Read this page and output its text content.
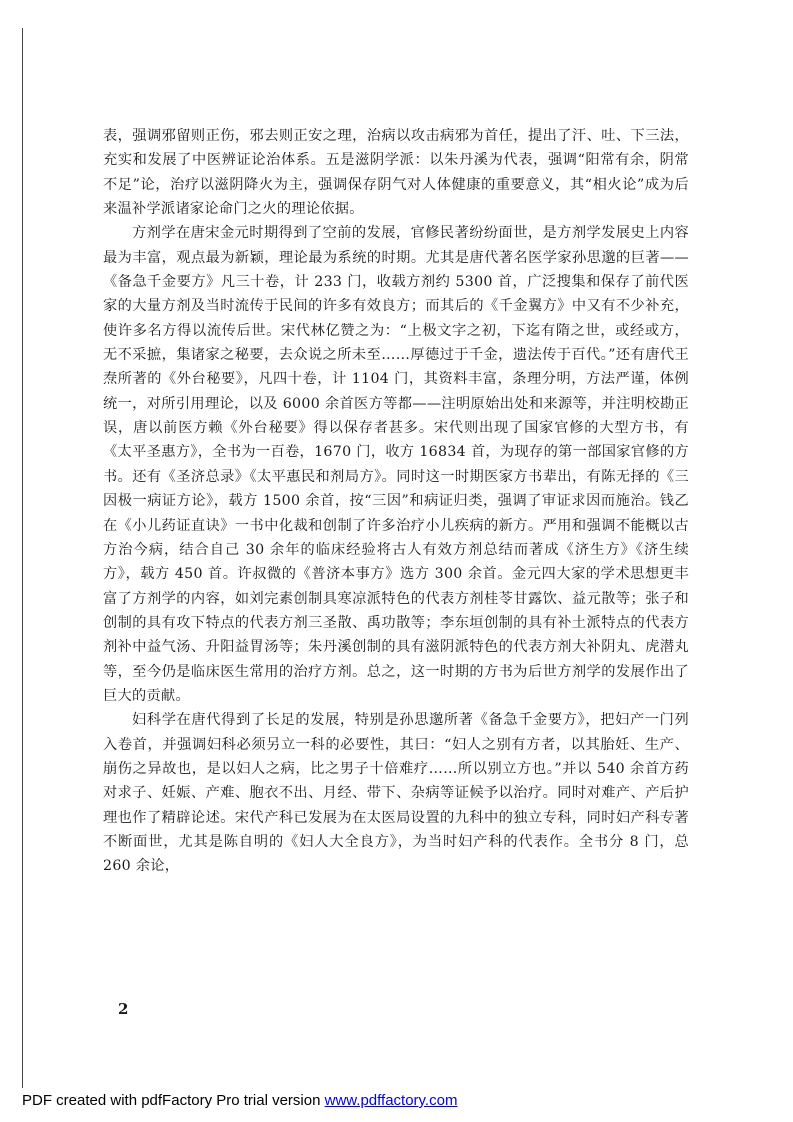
表，强调邪留则正伤，邪去则正安之理，治病以攻击病邪为首任，提出了汗、吐、下三法，充实和发展了中医辨证论治体系。五是滋阴学派：以朱丹溪为代表，强调“阳常有余，阴常不足”论，治疗以滋阴降火为主，强调保存阴气对人体健康的重要意义，其“相火论”成为后来温补学派诸家论命门之火的理论依据。

方剂学在唐宋金元时期得到了空前的发展，官修民著纷纷面世，是方剂学发展史上内容最为丰富，观点最为新颖，理论最为系统的时期。尤其是唐代著名医学家孙思邈的巨著——《备急千金要方》凡三十卷，计 233 门，收载方剂约 5300 首，广泛搜集和保存了前代医家的大量方剂及当时流传于民间的许多有效良方；而其后的《千金翼方》中又有不少补充，使许多名方得以流传后世。宋代林亿赞之为：“上极文字之初，下迄有隋之世，或经或方，无不采摭，集诸家之秘要，去众说之所未至……厚德过于千金，遗法传于百代。”还有唐代王焘所著的《外台秘要》，凡四十卷，计 1104 门，其资料丰富，条理分明，方法严谨，体例统一，对所引用理论，以及 6000 余首医方等都——注明原始出处和来源等，并注明校勘正误，唐以前医方赖《外台秘要》得以保存者甚多。宋代则出现了国家官修的大型方书，有《太平圣惠方》，全书为一百卷，1670 门，收方 16834 首，为现存的第一部国家官修的方书。还有《圣济总录》《太平惠民和剂局方》。同时这一时期医家方书辈出，有陈无择的《三因极一病证方论》，载方 1500 余首，按“三因”和病证归类，强调了审证求因而施治。钱乙在《小儿药证直诀》一书中化裁和创制了许多治疗小儿疾病的新方。严用和强调不能概以古方治今病，结合自己 30 余年的临床经验将古人有效方剂总结而著成《济生方》《济生续方》，载方 450 首。许叔微的《普济本事方》选方 300 余首。金元四大家的学术思想更丰富了方剂学的内容，如刘完素创制具寒凉派特色的代表方剂桂苓甘露饮、益元散等；张子和创制的具有攻下特点的代表方剂三圣散、禹功散等；李东垣创制的具有补土派特点的代表方剂补中益气汤、升阳益胃汤等；朱丹溪创制的具有滋阴派特色的代表方剂大补阴丸、虎潜丸等，至今仍是临床医生常用的治疗方剂。总之，这一时期的方书为后世方剂学的发展作出了巨大的贡献。

妇科学在唐代得到了长足的发展，特别是孙思邈所著《备急千金要方》，把妇产一门列入卷首，并强调妇科必须另立一科的必要性，其曰：“妇人之别有方者，以其胎妊、生产、崩伤之异故也，是以妇人之病，比之男子十倍难疗……所以别立方也。”并以 540 余首方药对求子、妊娠、产难、胞衣不出、月经、带下、杂病等证候予以治疗。同时对难产、产后护理也作了精辟论述。宋代产科已发展为在太医局设置的九科中的独立专科，同时妇产科专著不断面世，尤其是陈自明的《妇人大全良方》，为当时妇产科的代表作。全书分 8 门，总 260 余论，

2
PDF created with pdfFactory Pro trial version www.pdffactory.com
